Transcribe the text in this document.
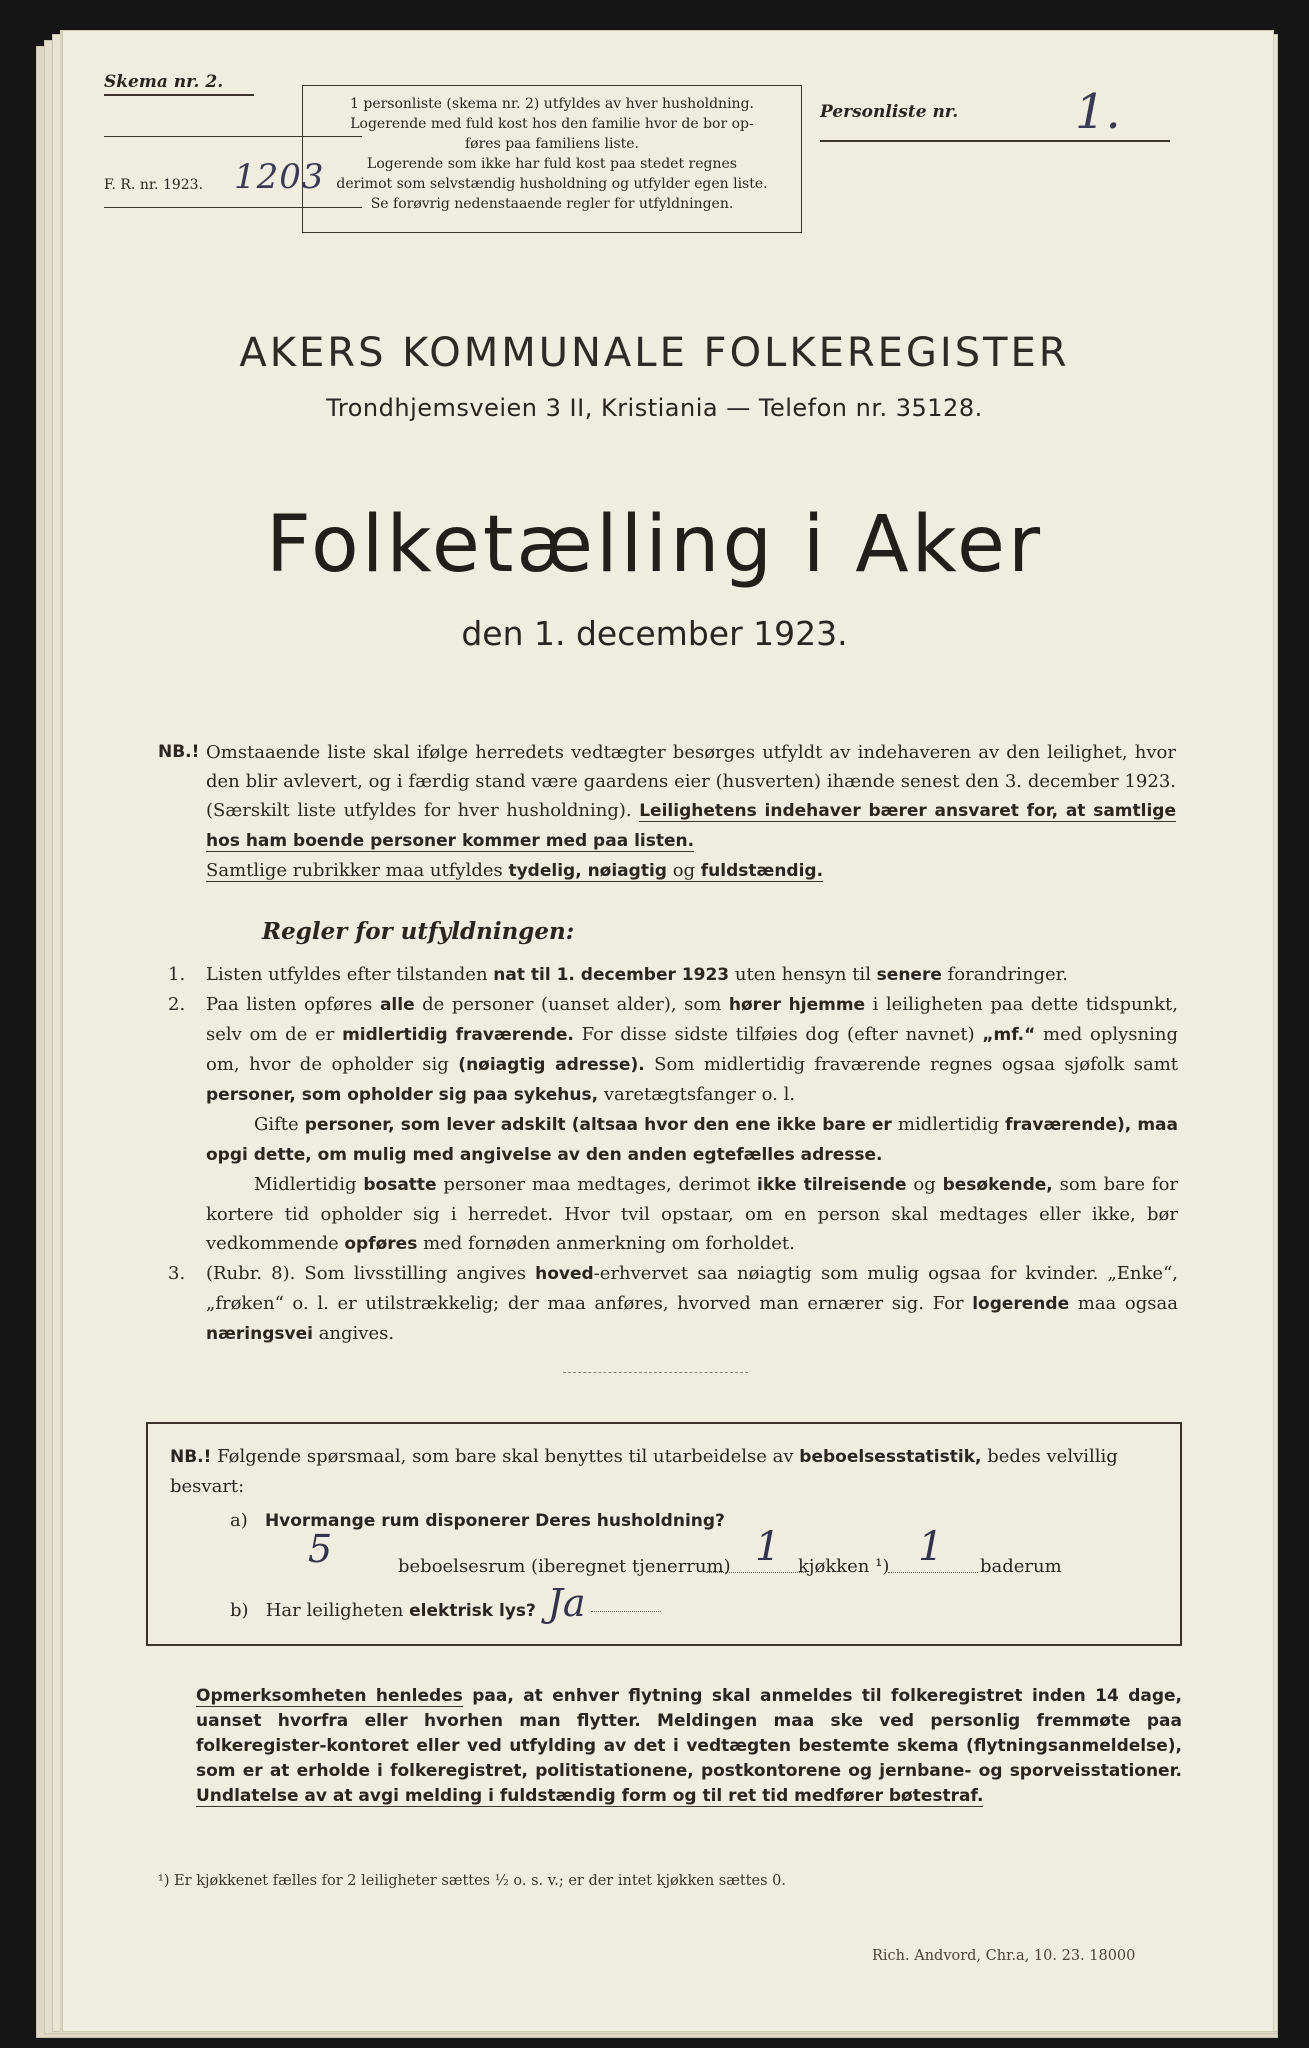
Skema nr. 2.
F. R. nr. 1923. 1203
1 personliste (skema nr. 2) utfyldes av hver husholdning.
Logerende med fuld kost hos den familie hvor de bor op-
føres paa familiens liste.
Logerende som ikke har fuld kost paa stedet regnes
derimot som selvstændig husholdning og utfylder egen liste.
Se forøvrig nedenstaaende regler for utfyldningen.
Personliste nr. 1.
AKERS KOMMUNALE FOLKEREGISTER
Trondhjemsveien 3 II, Kristiania — Telefon nr. 35128.
Folketælling i Aker
den 1. december 1923.
NB.! Omstaaende liste skal ifølge herredets vedtægter besørges utfyldt av indehaveren av den leilighet, hvor den blir avlevert, og i færdig stand være gaardens eier (husverten) ihænde senest den 3. december 1923. (Særskilt liste utfyldes for hver husholdning). Leilighetens indehaver bærer ansvaret for, at samtlige hos ham boende personer kommer med paa listen.
Samtlige rubrikker maa utfyldes tydelig, nøiagtig og fuldstændig.
Regler for utfyldningen:
1. Listen utfyldes efter tilstanden nat til 1. december 1923 uten hensyn til senere forandringer.
2. Paa listen opføres alle de personer (uanset alder), som hører hjemme i leiligheten paa dette tidspunkt, selv om de er midlertidig fraværende. For disse sidste tilføies dog (efter navnet) „mf.“ med oplysning om, hvor de opholder sig (nøiagtig adresse). Som midlertidig fraværende regnes ogsaa sjøfolk samt personer, som opholder sig paa sykehus, varetægtsfanger o. l.
Gifte personer, som lever adskilt (altsaa hvor den ene ikke bare er midlertidig fraværende), maa opgi dette, om mulig med angivelse av den anden egtefælles adresse.
Midlertidig bosatte personer maa medtages, derimot ikke tilreisende og besøkende, som bare for kortere tid opholder sig i herredet. Hvor tvil opstaar, om en person skal medtages eller ikke, bør vedkommende opføres med fornøden anmerkning om forholdet.
3. (Rubr. 8). Som livsstilling angives hoved-erhvervet saa nøiagtig som mulig ogsaa for kvinder. „Enke“, „frøken“ o. l. er utilstrækkelig; der maa anføres, hvorved man ernærer sig. For logerende maa ogsaa næringsvei angives.
NB.! Følgende spørsmaal, som bare skal benyttes til utarbeidelse av beboelsesstatistik, bedes velvillig besvart:
a) Hvormange rum disponerer Deres husholdning?
5	beboelsesrum (iberegnet tjenerrum) 1 kjøkken ¹) 1 baderum
b) Har leiligheten elektrisk lys? Ja
Opmerksomheten henledes paa, at enhver flytning skal anmeldes til folkeregistret inden 14 dage, uanset hvorfra eller hvorhen man flytter. Meldingen maa ske ved personlig fremmøte paa folkeregister-kontoret eller ved utfylding av det i vedtægten bestemte skema (flytningsanmeldelse), som er at erholde i folkeregistret, politistationene, postkontorene og jernbane- og sporveisstationer. Undlatelse av at avgi melding i fuldstændig form og til ret tid medfører bøtestraf.
¹) Er kjøkkenet fælles for 2 leiligheter sættes ½ o. s. v.; er der intet kjøkken sættes 0.
Rich. Andvord, Chr.a, 10. 23. 18000
